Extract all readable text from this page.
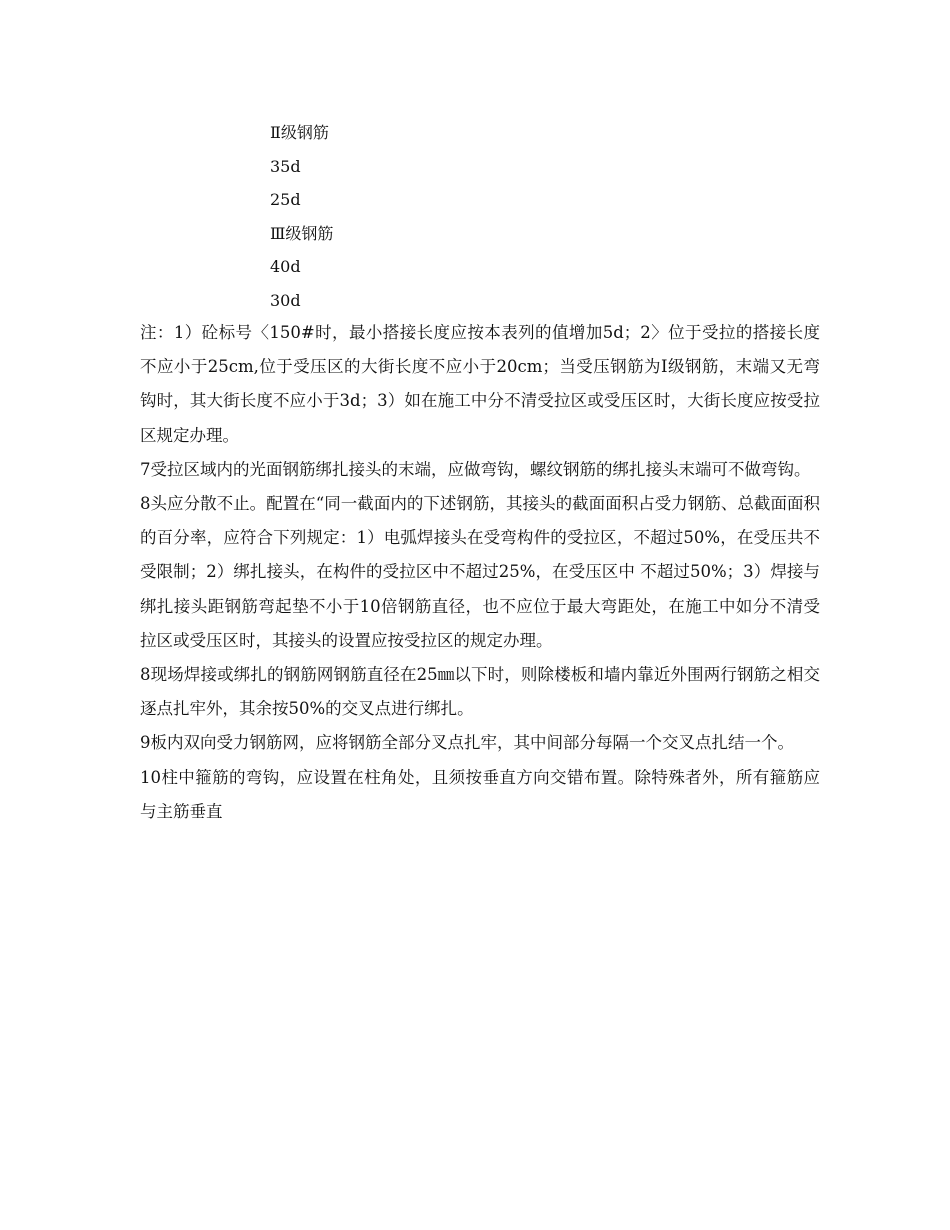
Ⅱ级钢筋
35d
25d
Ⅲ级钢筋
40d
30d

注：1）砼标号〈150#时，最小搭接长度应按本表列的值增加5d；2〉位于受拉的搭接长度不应小于25cm,位于受压区的大街长度不应小于20cm；当受压钢筋为Ⅰ级钢筋，末端又无弯钩时，其大街长度不应小于3d；3）如在施工中分不清受拉区或受压区时，大街长度应按受拉区规定办理。

7受拉区域内的光面钢筋绑扎接头的末端，应做弯钩，螺纹钢筋的绑扎接头末端可不做弯钩。

8头应分散不止。配置在“同一截面内的下述钢筋，其接头的截面面积占受力钢筋、总截面面积的百分率，应符合下列规定：1）电弧焊接头在受弯构件的受拉区，不超过50%，在受压共不受限制；2）绑扎接头，在构件的受拉区中不超过25%，在受压区中 不超过50%；3）焊接与绑扎接头距钢筋弯起垫不小于10倍钢筋直径，也不应位于最大弯距处，在施工中如分不清受拉区或受压区时，其接头的设置应按受拉区的规定办理。

8现场焊接或绑扎的钢筋网钢筋直径在25㎜以下时，则除楼板和墙内靠近外围两行钢筋之相交逐点扎牢外，其余按50%的交叉点进行绑扎。

9板内双向受力钢筋网，应将钢筋全部分叉点扎牢，其中间部分每隔一个交叉点扎结一个。

10柱中箍筋的弯钩，应设置在柱角处，且须按垂直方向交错布置。除特殊者外，所有箍筋应与主筋垂直
